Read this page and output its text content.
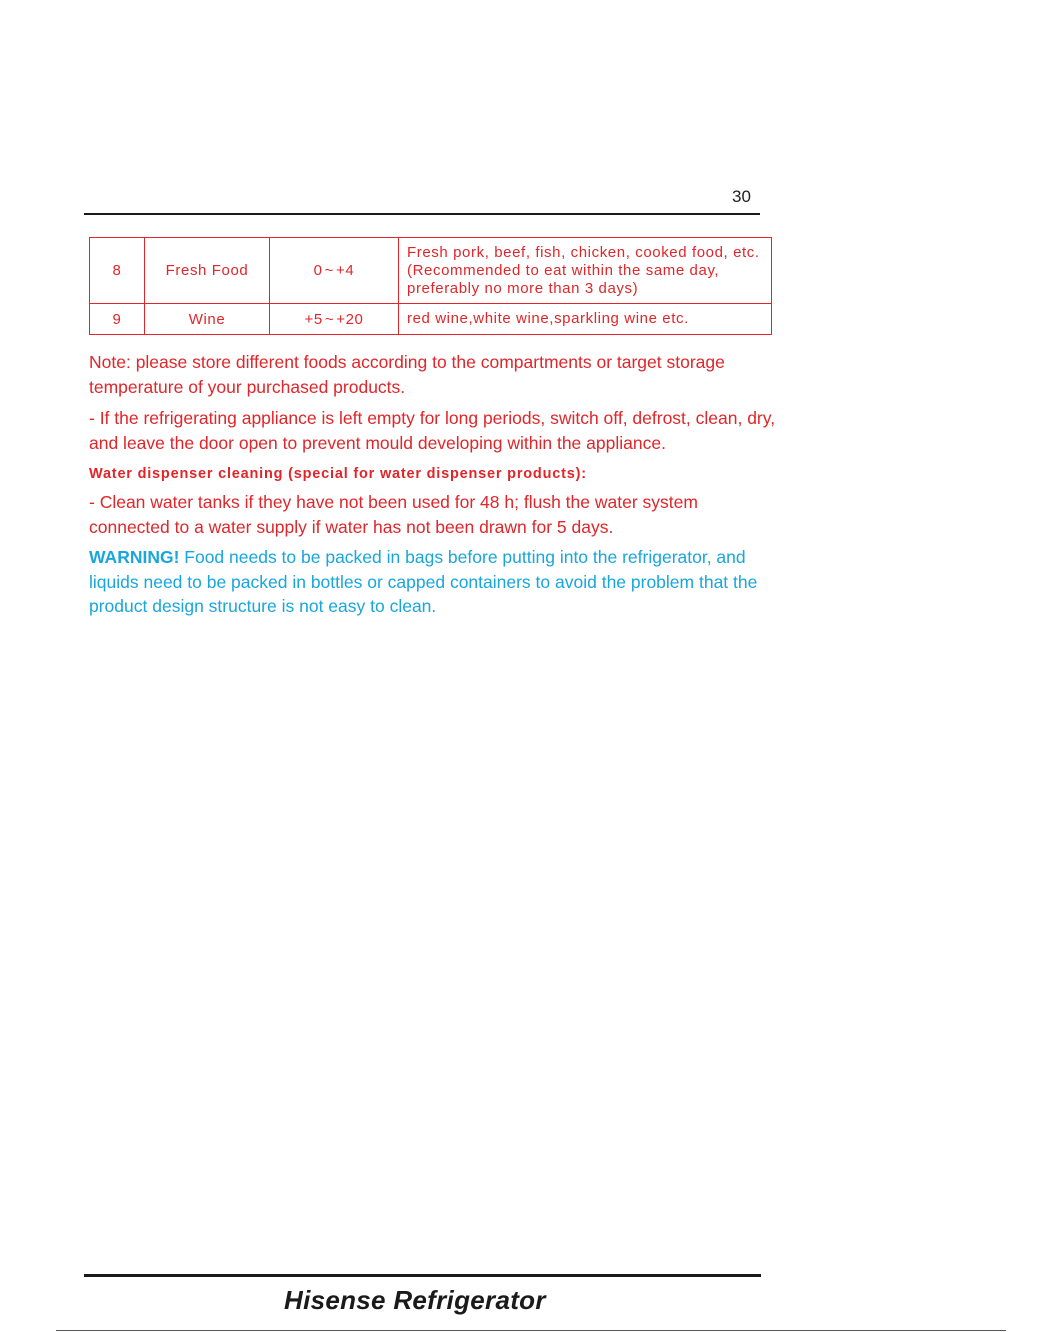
30
8	Fresh Food	0 ~ +4	Fresh pork, beef, fish, chicken, cooked food, etc.
(Recommended to eat within the same day,
preferably no more than 3 days)

9	Wine	+5 ~ +20	red wine,white wine,sparkling wine etc.
Note: please store different foods according to the compartments or target storage temperature of your purchased products.
- If the refrigerating appliance is left empty for long periods, switch off, defrost, clean, dry, and leave the door open to prevent mould developing within the appliance.
Water dispenser cleaning (special for water dispenser products):
- Clean water tanks if they have not been used for 48 h; flush the water system connected to a water supply if water has not been drawn for 5 days.
WARNING! Food needs to be packed in bags before putting into the refrigerator, and liquids need to be packed in bottles or capped containers to avoid the problem that the product design structure is not easy to clean.
Hisense Refrigerator
